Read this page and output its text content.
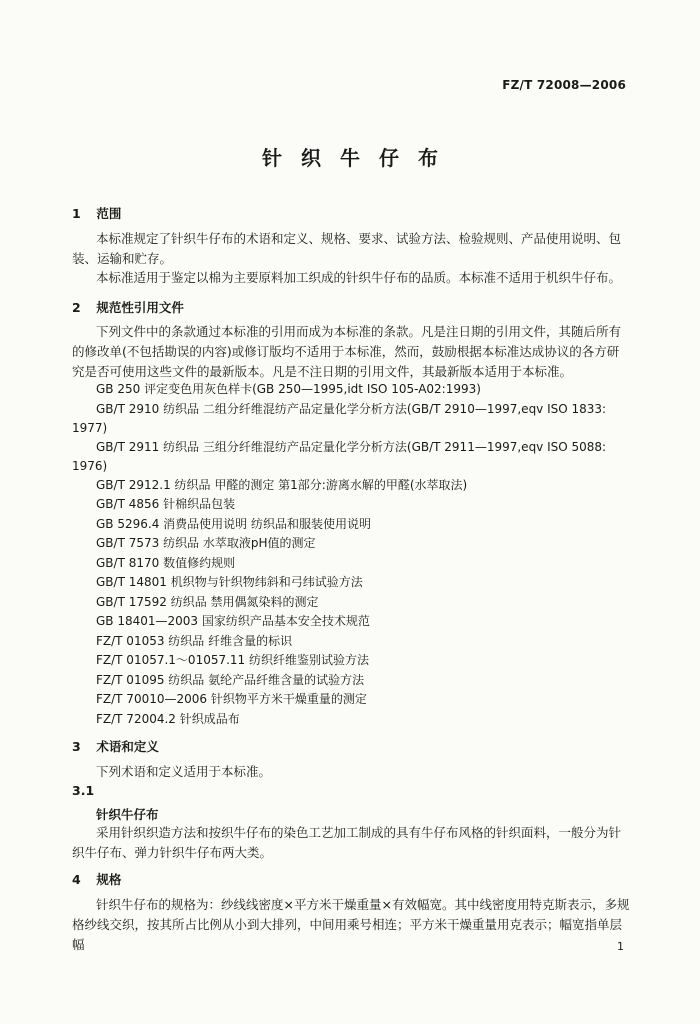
FZ/T 72008—2006
针织牛仔布
1 范围
本标准规定了针织牛仔布的术语和定义、规格、要求、试验方法、检验规则、产品使用说明、包装、运输和贮存。
本标准适用于鉴定以棉为主要原料加工织成的针织牛仔布的品质。本标准不适用于机织牛仔布。
2 规范性引用文件
下列文件中的条款通过本标准的引用而成为本标准的条款。凡是注日期的引用文件，其随后所有的修改单(不包括勘误的内容)或修订版均不适用于本标准，然而，鼓励根据本标准达成协议的各方研究是否可使用这些文件的最新版本。凡是不注日期的引用文件，其最新版本适用于本标准。
GB 250 评定变色用灰色样卡(GB 250—1995,idt ISO 105-A02:1993)
GB/T 2910 纺织品 二组分纤维混纺产品定量化学分析方法(GB/T 2910—1997,eqv ISO 1833:
1977)
GB/T 2911 纺织品 三组分纤维混纺产品定量化学分析方法(GB/T 2911—1997,eqv ISO 5088:
1976)
GB/T 2912.1 纺织品 甲醛的测定 第1部分:游离水解的甲醛(水萃取法)
GB/T 4856 针棉织品包装
GB 5296.4 消费品使用说明 纺织品和服装使用说明
GB/T 7573 纺织品 水萃取液pH值的测定
GB/T 8170 数值修约规则
GB/T 14801 机织物与针织物纬斜和弓纬试验方法
GB/T 17592 纺织品 禁用偶氮染料的测定
GB 18401—2003 国家纺织产品基本安全技术规范
FZ/T 01053 纺织品 纤维含量的标识
FZ/T 01057.1～01057.11 纺织纤维鉴别试验方法
FZ/T 01095 纺织品 氨纶产品纤维含量的试验方法
FZ/T 70010—2006 针织物平方米干燥重量的测定
FZ/T 72004.2 针织成品布
3 术语和定义
下列术语和定义适用于本标准。
3.1
针织牛仔布
采用针织织造方法和按织牛仔布的染色工艺加工制成的具有牛仔布风格的针织面料，一般分为针织牛仔布、弹力针织牛仔布两大类。
4 规格
针织牛仔布的规格为：纱线线密度×平方米干燥重量×有效幅宽。其中线密度用特克斯表示，多规格纱线交织，按其所占比例从小到大排列，中间用乘号相连；平方米干燥重量用克表示；幅宽指单层幅	1
